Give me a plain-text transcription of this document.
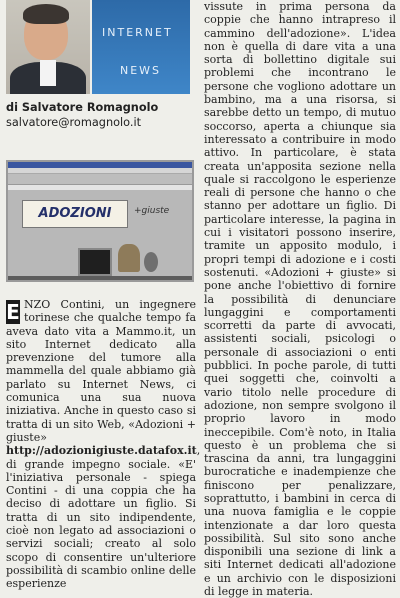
INTERNET
NEWS
di Salvatore Romagnolo
salvatore@romagnolo.it
ADOZIONI	+giuste

E NZO Contini, un ingegnere torinese che qualche tempo fa aveva dato vita a Mammo.it, un sito Internet dedicato alla prevenzione del tumore alla mammella del quale abbiamo già parlato su Internet News, ci comunica una sua nuova iniziativa. Anche in questo caso si tratta di un sito Web, «Adozioni + giuste» http://adozionigiuste.datafox.it, di grande impegno sociale. «E' l'iniziativa personale - spiega Contini - di una coppia che ha deciso di adottare un figlio. Si tratta di un sito indipendente, cioè non legato ad associazioni o servizi sociali; creato al solo scopo di consentire un'ulteriore possibilità di scambio online delle esperienze

vissute in prima persona da coppie che hanno intrapreso il cammino dell'adozione». L'idea non è quella di dare vita a una sorta di bollettino digitale sui problemi che incontrano le persone che vogliono adottare un bambino, ma a una risorsa, si sarebbe detto un tempo, di mutuo soccorso, aperta a chiunque sia interessato a contribuire in modo attivo. In particolare, è stata creata un'apposita sezione nella quale si raccolgono le esperienze reali di persone che hanno o che stanno per adottare un figlio. Di particolare interesse, la pagina in cui i visitatori possono inserire, tramite un apposito modulo, i propri tempi di adozione e i costi sostenuti. «Adozioni + giuste» si pone anche l'obiettivo di fornire la possibilità di denunciare lungaggini e comportamenti scorretti da parte di avvocati, assistenti sociali, psicologi o personale di associazioni o enti pubblici. In poche parole, di tutti quei soggetti che, coinvolti a vario titolo nelle procedure di adozione, non sempre svolgono il proprio lavoro in modo ineccepibile. Com'è noto, in Italia questo è un problema che si trascina da anni, tra lungaggini burocratiche e inadempienze che finiscono per penalizzare, soprattutto, i bambini in cerca di una nuova famiglia e le coppie intenzionate a dar loro questa possibilità. Sul sito sono anche disponibili una sezione di link a siti Internet dedicati all'adozione e un archivio con le disposizioni di legge in materia.
